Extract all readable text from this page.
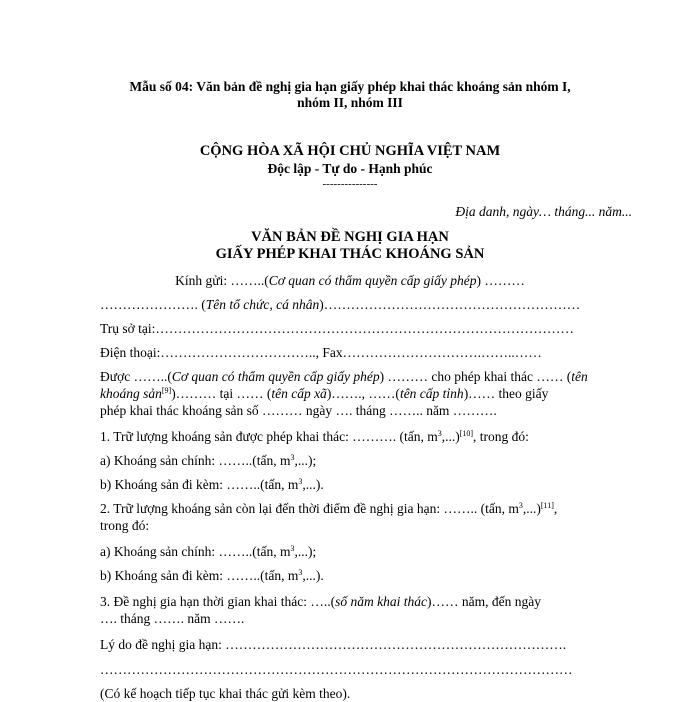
Mẫu số 04: Văn bản đề nghị gia hạn giấy phép khai thác khoáng sản nhóm I,
nhóm II, nhóm III
CỘNG HÒA XÃ HỘI CHỦ NGHĨA VIỆT NAM
Độc lập - Tự do - Hạnh phúc
---------------
Địa danh, ngày… tháng... năm...
VĂN BẢN ĐỀ NGHỊ GIA HẠN
GIẤY PHÉP KHAI THÁC KHOÁNG SẢN
Kính gửi: ……..(Cơ quan có thẩm quyền cấp giấy phép) ………
…………………. (Tên tổ chức, cá nhân)…………………………………………………
Trụ sở tại:…………………………………………………………………………………
Điện thoại:…………………………….., Fax………………………….……..……
Được ……..(Cơ quan có thẩm quyền cấp giấy phép) ……… cho phép khai thác …… (tên
khoáng sản[9])……… tại …… (tên cấp xã)……., ……(tên cấp tỉnh)…… theo giấy
phép khai thác khoáng sản số ……… ngày …. tháng …….. năm ……….
1. Trữ lượng khoáng sản được phép khai thác: ………. (tấn, $m^3,...)[10]$, trong đó:
a) Khoáng sản chính: ……..(tấn, $m^3$,...);
b) Khoáng sản đi kèm: ……..(tấn, $m^3$,...).
2. Trữ lượng khoáng sản còn lại đến thời điểm đề nghị gia hạn: …….. (tấn, $m^3,...)[11]$,
trong đó:
a) Khoáng sản chính: ……..(tấn, $m^3$,...);
b) Khoáng sản đi kèm: ……..(tấn, $m^3$,...).
3. Đề nghị gia hạn thời gian khai thác: …..(số năm khai thác)…… năm, đến ngày
…. tháng ……. năm …….
Lý do đề nghị gia hạn: ………………………………………………………………….
……………………………………………………………………………………………
(Có kế hoạch tiếp tục khai thác gửi kèm theo).
